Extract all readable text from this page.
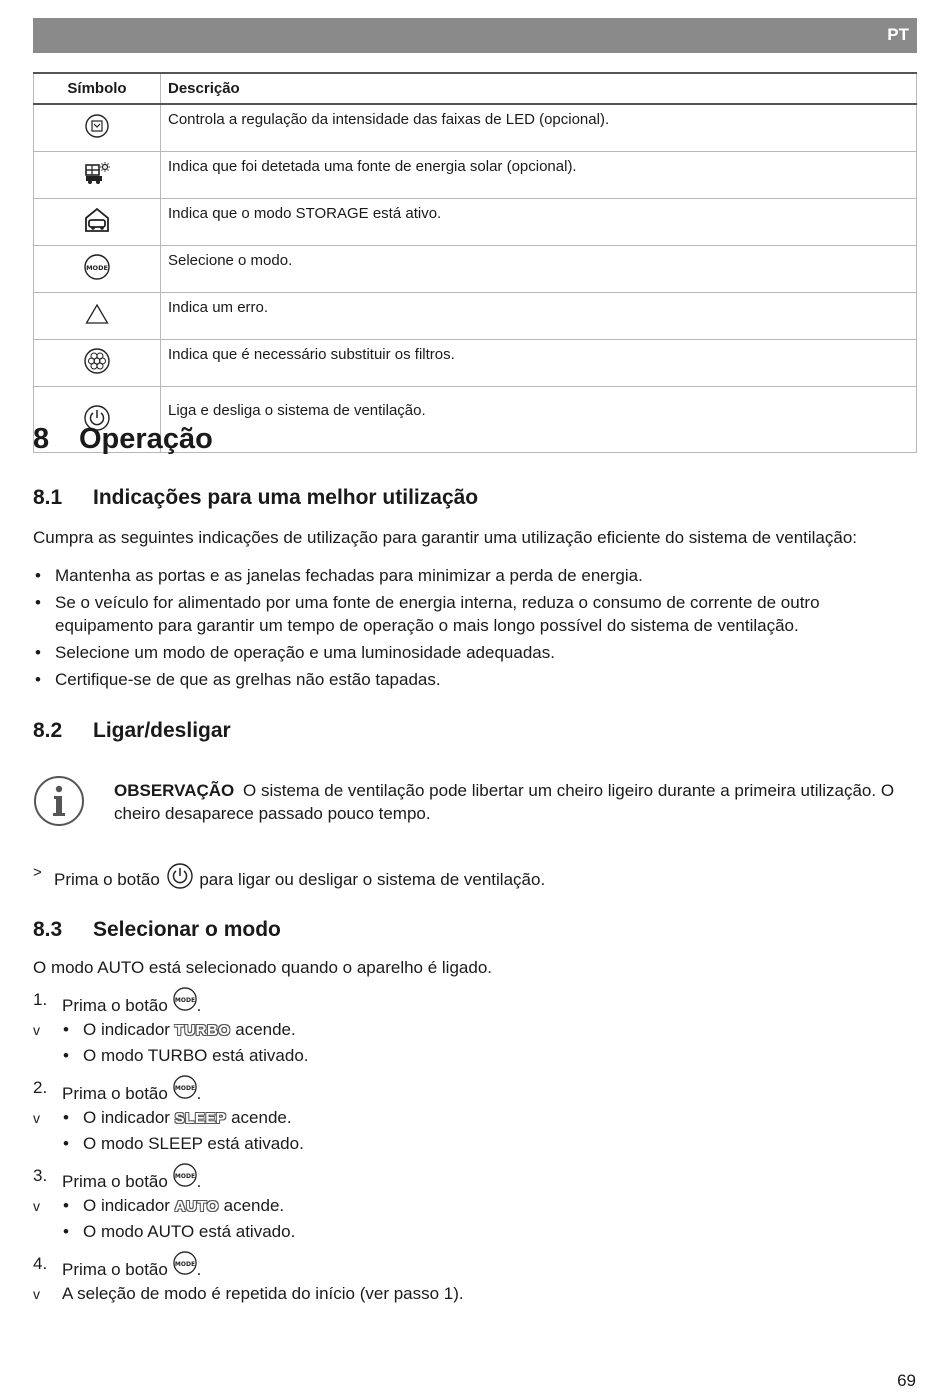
PT
Símbolo	Descrição
	Controla a regulação da intensidade das faixas de LED (opcional).
	Indica que foi detetada uma fonte de energia solar (opcional).
	Indica que o modo STORAGE está ativo.

MODE	Selecione o modo.
	Indica um erro.
	Indica que é necessário substituir os filtros.
	Liga e desliga o sistema de ventilação.
8 Operação
8.1 Indicações para uma melhor utilização

Cumpra as seguintes indicações de utilização para garantir uma utilização eficiente do sistema de ventilação:

• Mantenha as portas e as janelas fechadas para minimizar a perda de energia.
• Se o veículo for alimentado por uma fonte de energia interna, reduza o consumo de corrente de outro equipamento para garantir um tempo de operação o mais longo possível do sistema de ventilação.
• Selecione um modo de operação e uma luminosidade adequadas.
• Certifique-se de que as grelhas não estão tapadas.
8.2 Ligar/desligar

OBSERVAÇÃO O sistema de ventilação pode libertar um cheiro ligeiro durante a primeira utilização. O cheiro desaparece passado pouco tempo.

> Prima o botão para ligar ou desligar o sistema de ventilação.
8.3 Selecionar o modo

O modo AUTO está selecionado quando o aparelho é ligado.

1. Prima o botão MODE .
v • O indicador TURBO acende.
• O modo TURBO está ativado.
2. Prima o botão MODE .
v • O indicador SLEEP acende.
• O modo SLEEP está ativado.
3. Prima o botão MODE .
v • O indicador AUTO acende.
• O modo AUTO está ativado.
4. Prima o botão MODE .
v A seleção de modo é repetida do início (ver passo 1).
69
